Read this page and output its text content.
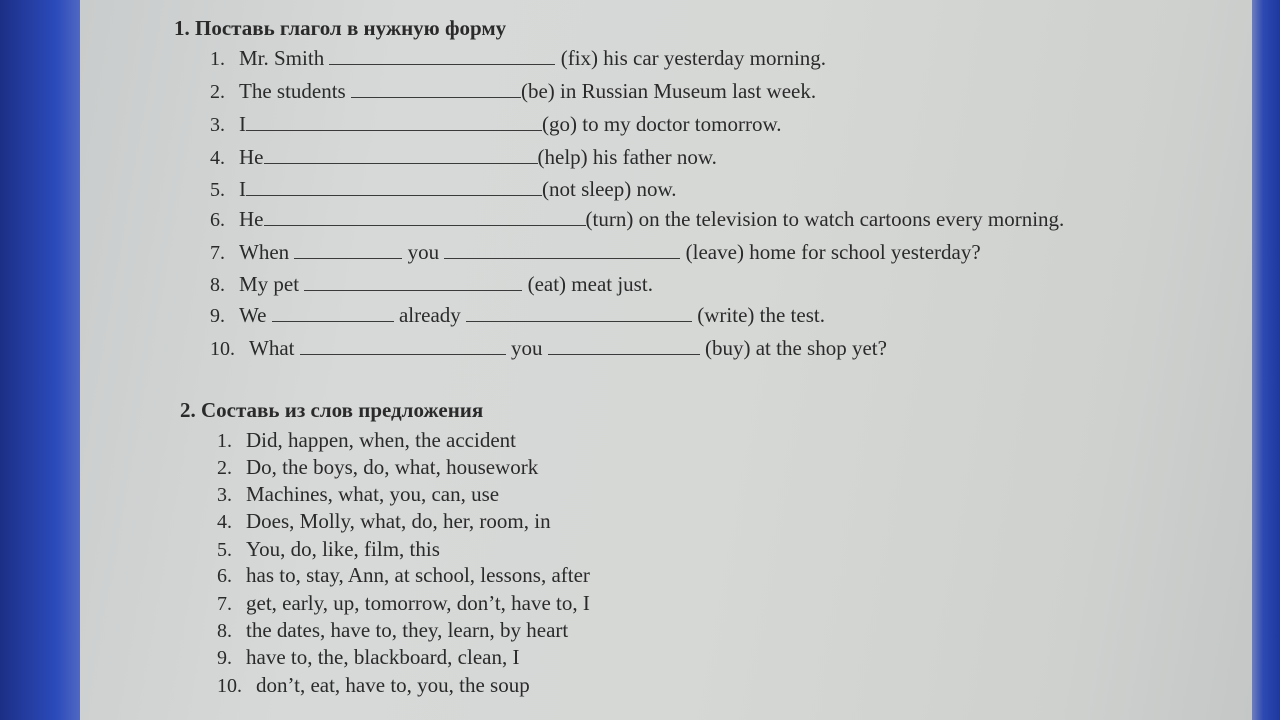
1. Поставь глагол в нужную форму
1. Mr. Smith	(fix) his car yesterday morning.
2. The students	(be) in Russian Museum last week.
3. I	(go) to my doctor tomorrow.
4. He	(help) his father now.
5. I	(not sleep) now.
6. He	(turn) on the television to watch cartoons every morning.
7. When	you	(leave) home for school yesterday?
8. My pet	(eat) meat just.
9. We	already	(write) the test.
10. What	you	(buy) at the shop yet?
2. Составь из слов предложения
1. Did, happen, when, the accident
2. Do, the boys, do, what, housework
3. Machines, what, you, can, use
4. Does, Molly, what, do, her, room, in
5. You, do, like, film, this
6. has to, stay, Ann, at school, lessons, after
7. get, early, up, tomorrow, don’t, have to, I
8. the dates, have to, they, learn, by heart
9. have to, the, blackboard, clean, I
10. don’t, eat, have to, you, the soup
